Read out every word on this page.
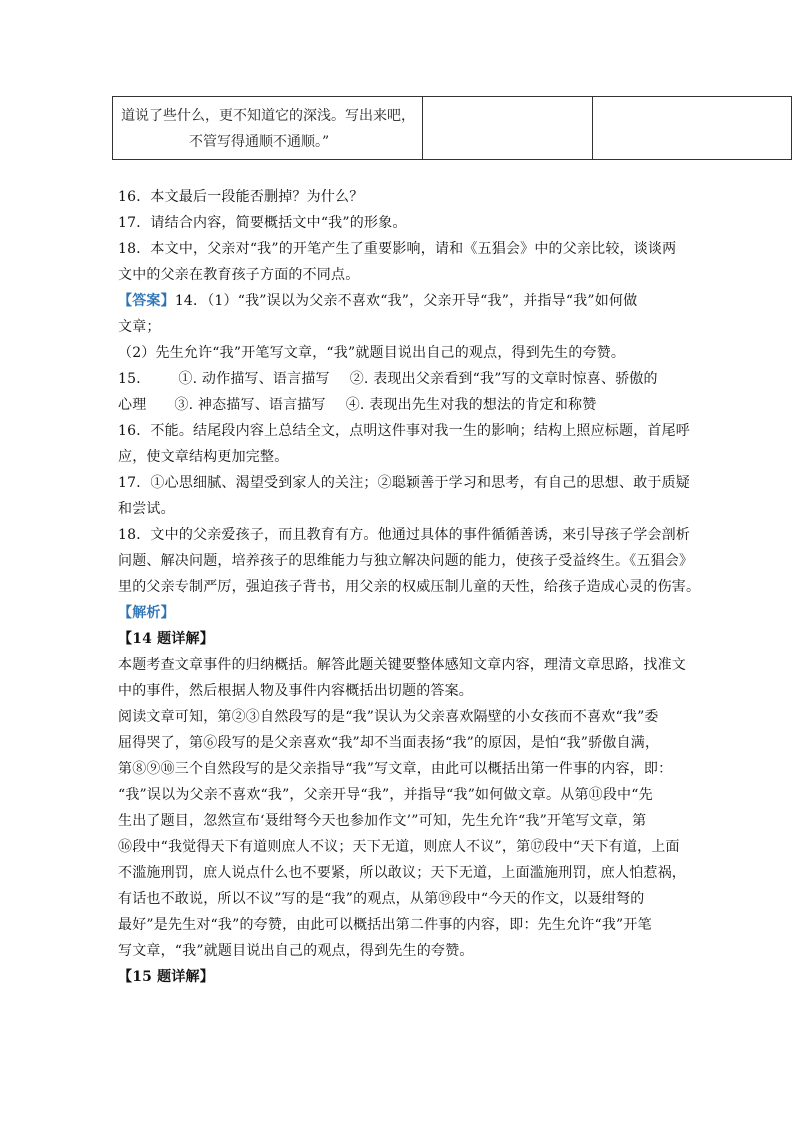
道说了些什么，更不知道它的深浅。写出来吧，
不管写得通顺不通顺。”

16．本文最后一段能否删掉？为什么？
17．请结合内容，简要概括文中“我”的形象。
18．本文中，父亲对“我”的开笔产生了重要影响，请和《五猖会》中的父亲比较，谈谈两
文中的父亲在教育孩子方面的不同点。
【答案】14．（1）“我”误以为父亲不喜欢“我”，父亲开导“我”，并指导“我”如何做
文章；
（2）先生允许“我”开笔写文章，“我”就题目说出自己的观点，得到先生的夸赞。
15． ①. 动作描写、语言描写 ②. 表现出父亲看到“我”写的文章时惊喜、骄傲的
心理 ③. 神态描写、语言描写 ④. 表现出先生对我的想法的肯定和称赞
16．不能。结尾段内容上总结全文，点明这件事对我一生的影响；结构上照应标题，首尾呼
应，使文章结构更加完整。
17．①心思细腻、渴望受到家人的关注；②聪颖善于学习和思考，有自己的思想、敢于质疑
和尝试。
18．文中的父亲爱孩子，而且教育有方。他通过具体的事件循循善诱，来引导孩子学会剖析
问题、解决问题，培养孩子的思维能力与独立解决问题的能力，使孩子受益终生。《五猖会》
里的父亲专制严厉，强迫孩子背书，用父亲的权威压制儿童的天性，给孩子造成心灵的伤害。
【解析】
【14 题详解】
本题考查文章事件的归纳概括。解答此题关键要整体感知文章内容，理清文章思路，找准文
中的事件，然后根据人物及事件内容概括出切题的答案。
阅读文章可知，第②③自然段写的是“我”误认为父亲喜欢隔壁的小女孩而不喜欢“我”委
屈得哭了，第⑥段写的是父亲喜欢“我”却不当面表扬“我”的原因，是怕“我”骄傲自满，
第⑧⑨⑩三个自然段写的是父亲指导“我”写文章，由此可以概括出第一件事的内容，即：
“我”误以为父亲不喜欢“我”，父亲开导“我”，并指导“我”如何做文章。从第⑪段中“先
生出了题目，忽然宣布‘聂绀弩今天也参加作文’”可知，先生允许“我”开笔写文章，第
⑯段中“我觉得天下有道则庶人不议；天下无道，则庶人不议”，第⑰段中“天下有道，上面
不滥施刑罚，庶人说点什么也不要紧，所以敢议；天下无道，上面滥施刑罚，庶人怕惹祸，
有话也不敢说，所以不议”写的是“我”的观点，从第⑲段中“今天的作文，以聂绀弩的
最好”是先生对“我”的夸赞，由此可以概括出第二件事的内容，即：先生允许“我”开笔
写文章，“我”就题目说出自己的观点，得到先生的夸赞。
【15 题详解】
